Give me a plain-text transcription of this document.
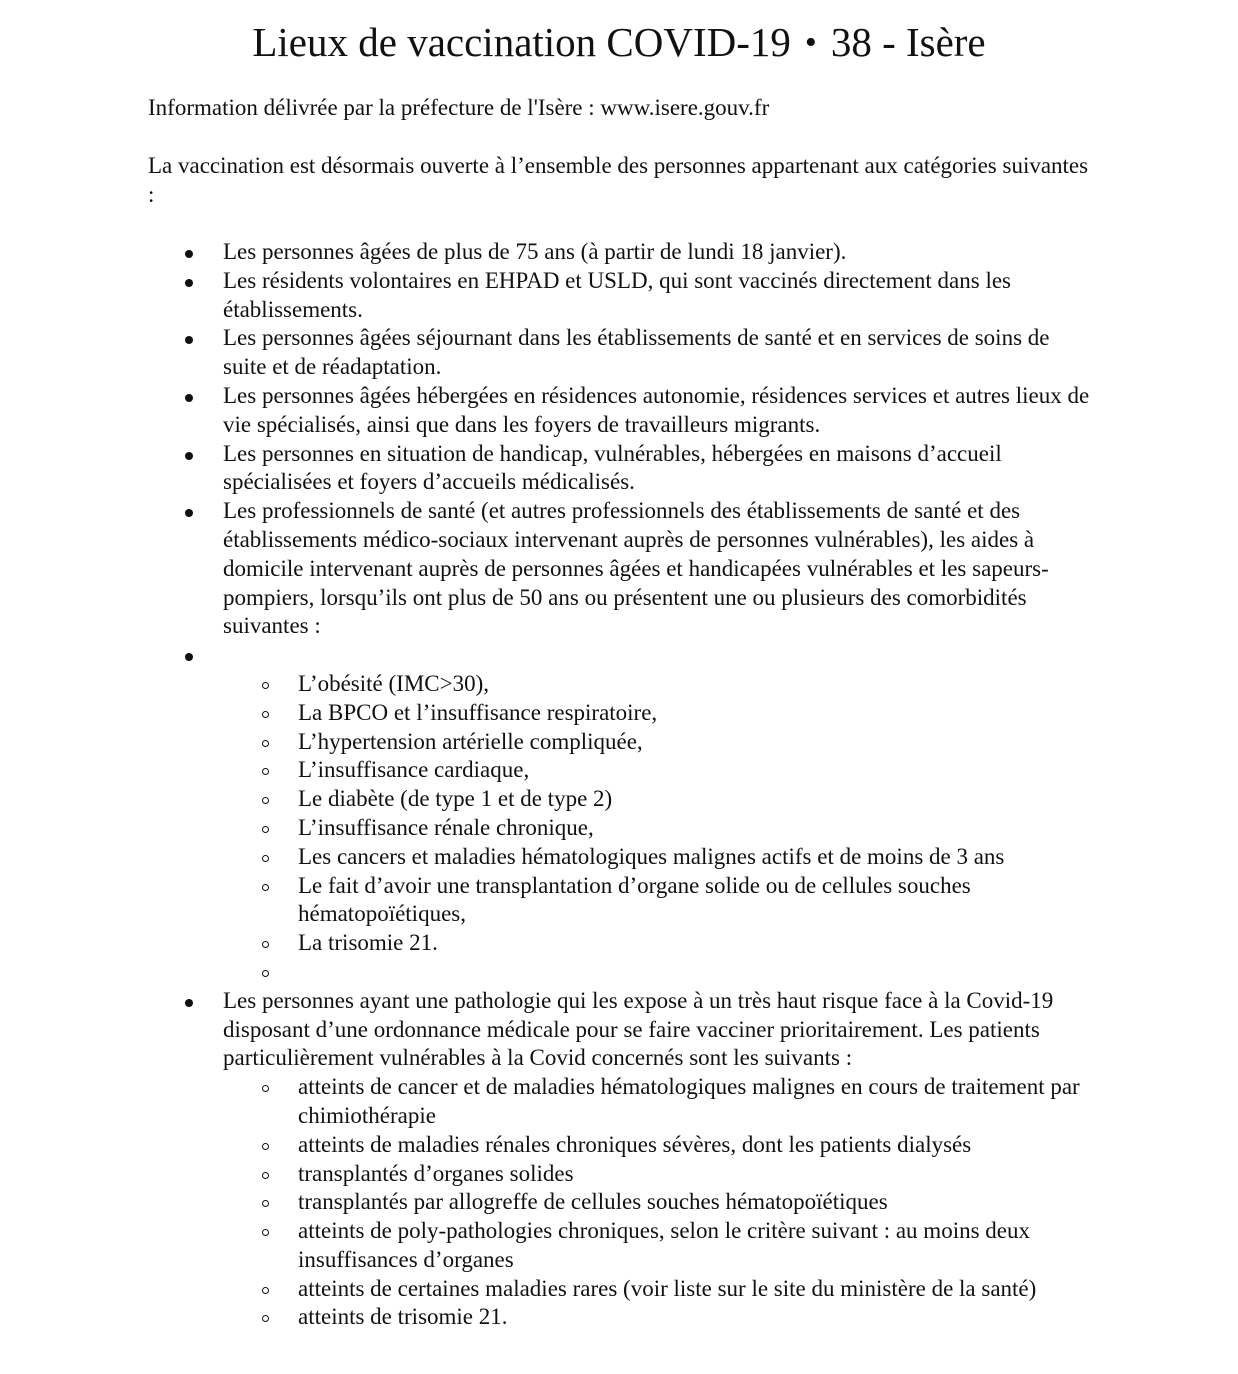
Lieux de vaccination COVID-19 • 38 - Isère

Information délivrée par la préfecture de l'Isère : www.isere.gouv.fr

La vaccination est désormais ouverte à l’ensemble des personnes appartenant aux catégories suivantes :

Les personnes âgées de plus de 75 ans (à partir de lundi 18 janvier).
Les résidents volontaires en EHPAD et USLD, qui sont vaccinés directement dans les établissements.
Les personnes âgées séjournant dans les établissements de santé et en services de soins de suite et de réadaptation.
Les personnes âgées hébergées en résidences autonomie, résidences services et autres lieux de vie spécialisés, ainsi que dans les foyers de travailleurs migrants.
Les personnes en situation de handicap, vulnérables, hébergées en maisons d’accueil spécialisées et foyers d’accueils médicalisés.
Les professionnels de santé (et autres professionnels des établissements de santé et des établissements médico-sociaux intervenant auprès de personnes vulnérables), les aides à domicile intervenant auprès de personnes âgées et handicapées vulnérables et les sapeurs-pompiers, lorsqu’ils ont plus de 50 ans ou présentent une ou plusieurs des comorbidités suivantes :
L’obésité (IMC>30),
La BPCO et l’insuffisance respiratoire,
L’hypertension artérielle compliquée,
L’insuffisance cardiaque,
Le diabète (de type 1 et de type 2)
L’insuffisance rénale chronique,
Les cancers et maladies hématologiques malignes actifs et de moins de 3 ans
Le fait d’avoir une transplantation d’organe solide ou de cellules souches hématopoïétiques,
La trisomie 21.
Les personnes ayant une pathologie qui les expose à un très haut risque face à la Covid-19 disposant d’une ordonnance médicale pour se faire vacciner prioritairement. Les patients particulièrement vulnérables à la Covid concernés sont les suivants :
atteints de cancer et de maladies hématologiques malignes en cours de traitement par chimiothérapie
atteints de maladies rénales chroniques sévères, dont les patients dialysés
transplantés d’organes solides
transplantés par allogreffe de cellules souches hématopoïétiques
atteints de poly-pathologies chroniques, selon le critère suivant : au moins deux insuffisances d’organes
atteints de certaines maladies rares (voir liste sur le site du ministère de la santé)
atteints de trisomie 21.
